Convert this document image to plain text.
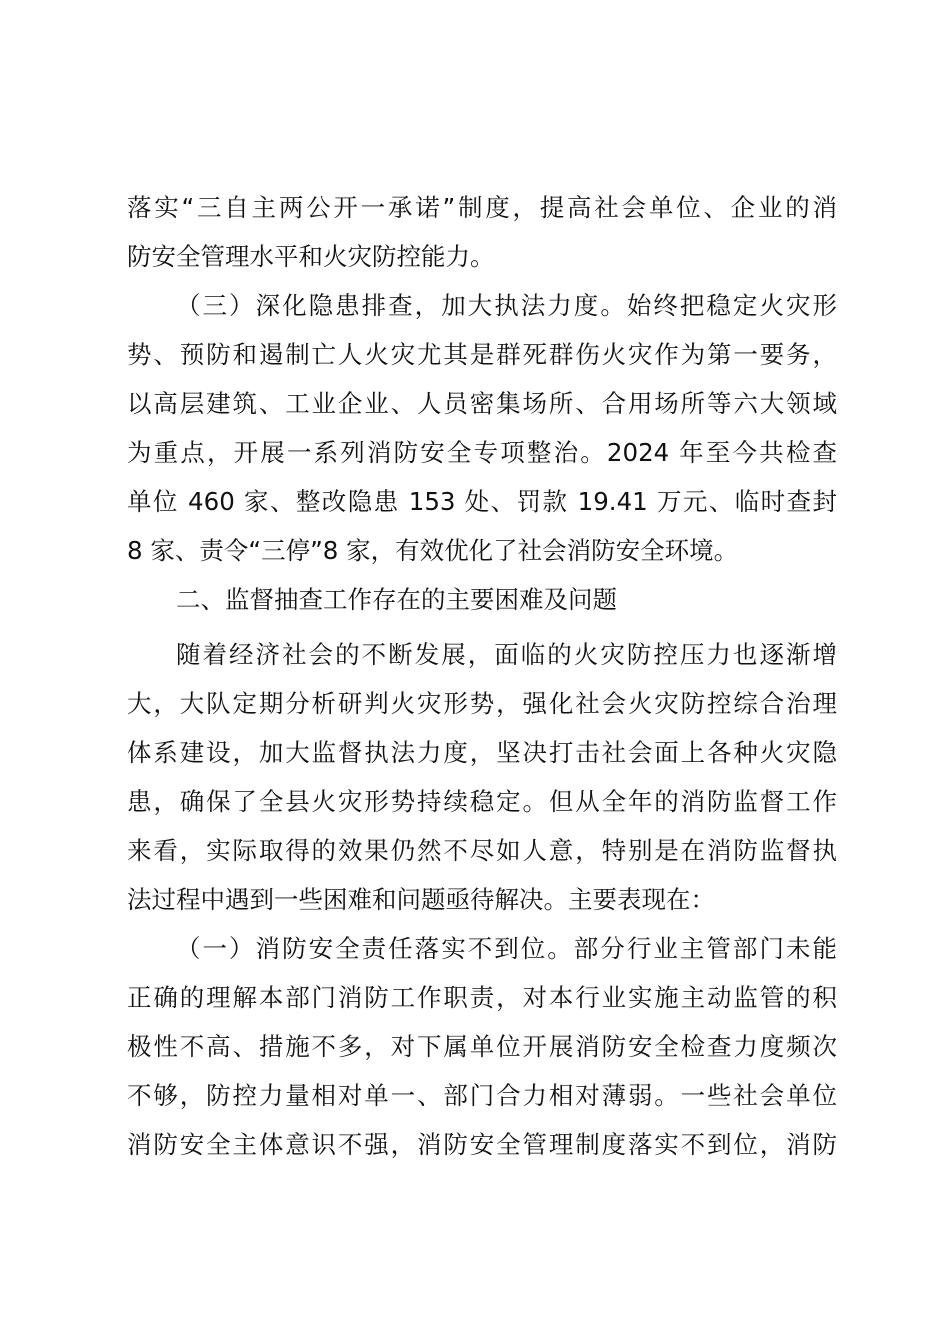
落实“三自主两公开一承诺”制度，提高社会单位、企业的消
防安全管理水平和火灾防控能力。
（三）深化隐患排查，加大执法力度。始终把稳定火灾形
势、预防和遏制亡人火灾尤其是群死群伤火灾作为第一要务，
以高层建筑、工业企业、人员密集场所、合用场所等六大领域
为重点，开展一系列消防安全专项整治。2024 年至今共检查
单位 460 家、整改隐患 153 处、罚款 19.41 万元、临时查封
8 家、责令“三停”8 家，有效优化了社会消防安全环境。
二、监督抽查工作存在的主要困难及问题
随着经济社会的不断发展，面临的火灾防控压力也逐渐增
大，大队定期分析研判火灾形势，强化社会火灾防控综合治理
体系建设，加大监督执法力度，坚决打击社会面上各种火灾隐
患，确保了全县火灾形势持续稳定。但从全年的消防监督工作
来看，实际取得的效果仍然不尽如人意，特别是在消防监督执
法过程中遇到一些困难和问题亟待解决。主要表现在：
（一）消防安全责任落实不到位。部分行业主管部门未能
正确的理解本部门消防工作职责，对本行业实施主动监管的积
极性不高、措施不多，对下属单位开展消防安全检查力度频次
不够，防控力量相对单一、部门合力相对薄弱。一些社会单位
消防安全主体意识不强，消防安全管理制度落实不到位，消防
